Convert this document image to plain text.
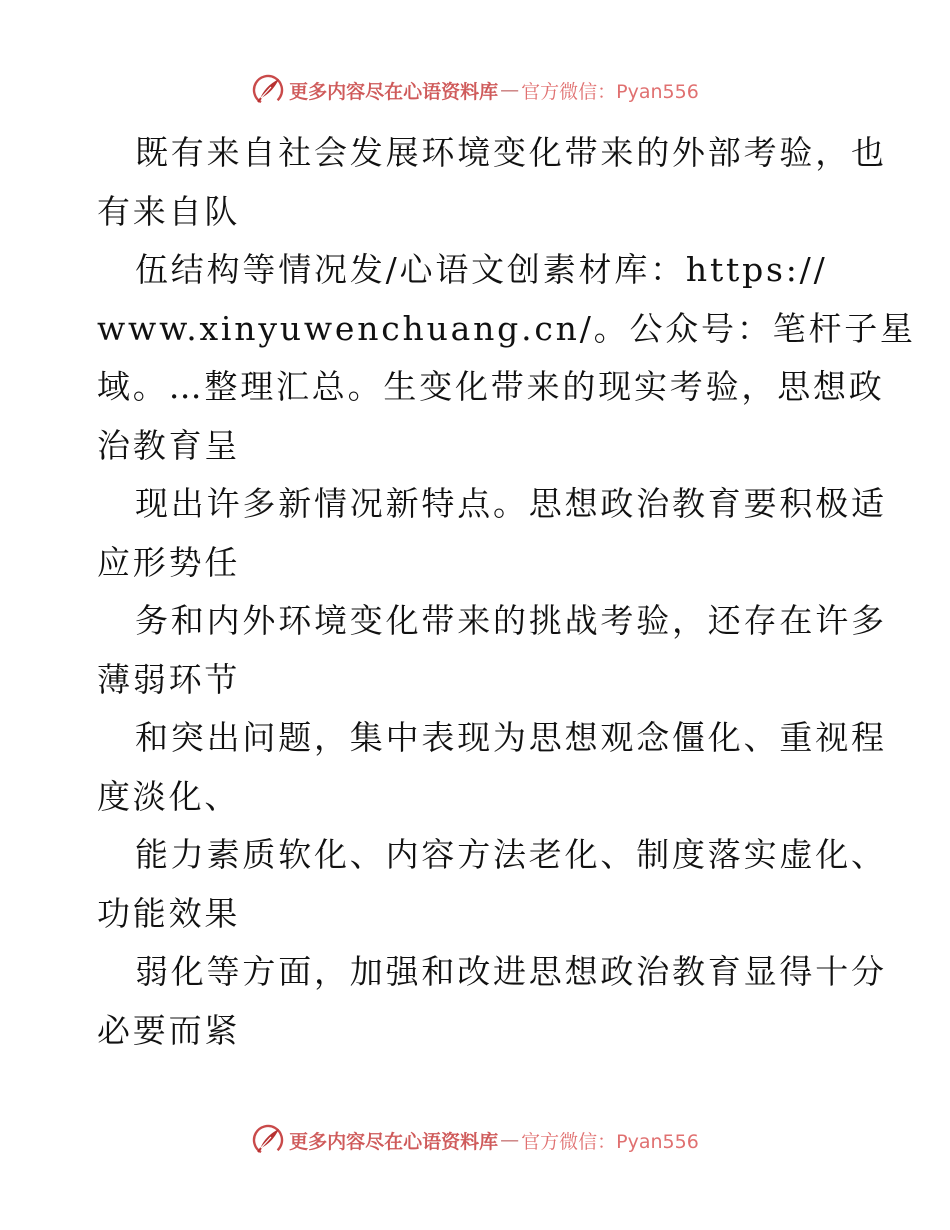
更多内容尽在心语资料库 — 官方微信：Pyan556
既有来自社会发展环境变化带来的外部考验，也
有来自队
伍结构等情况发/心语文创素材库：https://
www.xinyuwenchuang.cn/。公众号：笔杆子星
域。…整理汇总。生变化带来的现实考验，思想政
治教育呈
现出许多新情况新特点。思想政治教育要积极适
应形势任
务和内外环境变化带来的挑战考验，还存在许多
薄弱环节
和突出问题，集中表现为思想观念僵化、重视程
度淡化、
能力素质软化、内容方法老化、制度落实虚化、
功能效果
弱化等方面，加强和改进思想政治教育显得十分
必要而紧
更多内容尽在心语资料库 — 官方微信：Pyan556
